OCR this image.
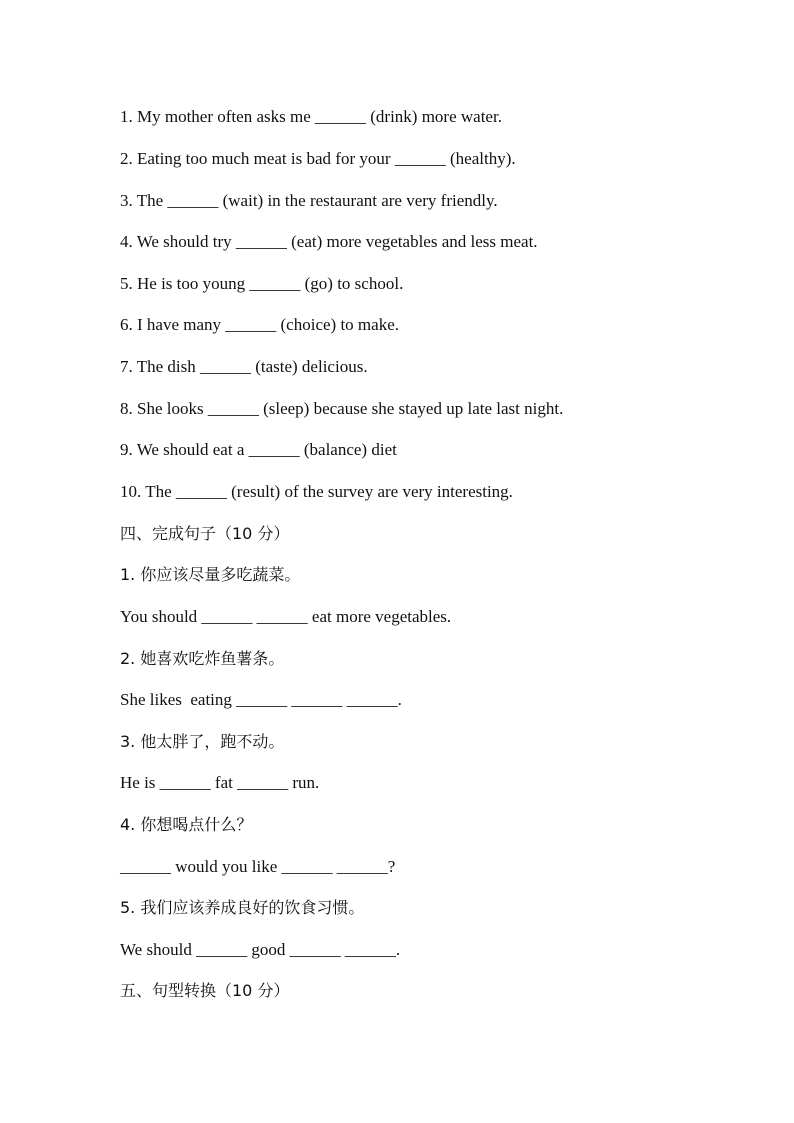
1. My mother often asks me ______ (drink) more water.
2. Eating too much meat is bad for your ______ (healthy).
3. The ______ (wait) in the restaurant are very friendly.
4. We should try ______ (eat) more vegetables and less meat.
5. He is too young ______ (go) to school.
6. I have many ______ (choice) to make.
7. The dish ______ (taste) delicious.
8. She looks ______ (sleep) because she stayed up late last night.
9. We should eat a ______ (balance) diet
10. The ______ (result) of the survey are very interesting.
四、完成句子（10 分）
1. 你应该尽量多吃蔬菜。
You should ______ ______ eat more vegetables.
2. 她喜欢吃炸鱼薯条。
She likes  eating ______ ______ ______.
3. 他太胖了，跑不动。
He is ______ fat ______ run.
4. 你想喝点什么？
______ would you like ______ ______?
5. 我们应该养成良好的饮食习惯。
We should ______ good ______ ______.
五、句型转换（10 分）
